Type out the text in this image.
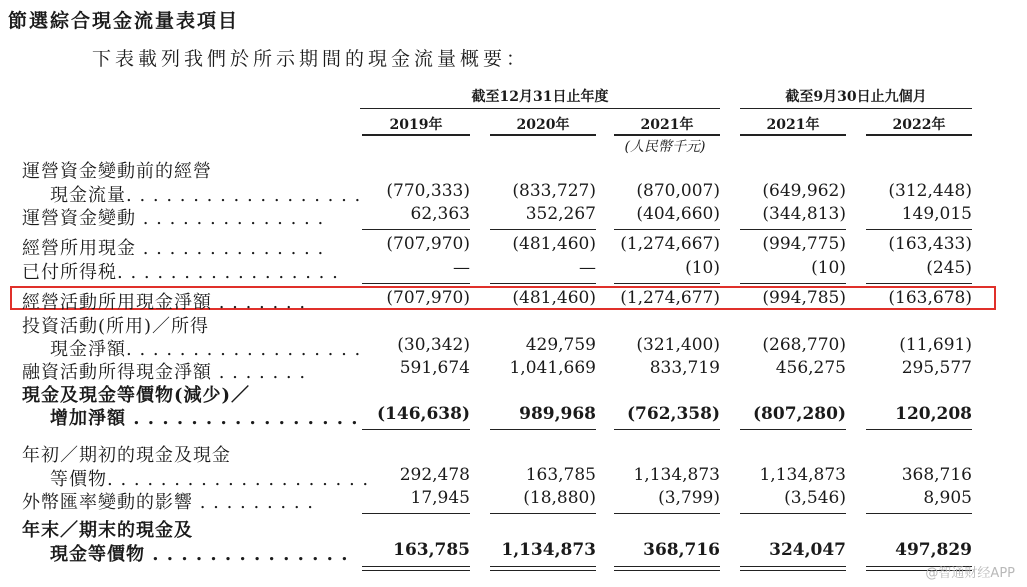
節選綜合現金流量表項目
下表載列我們於所示期間的現金流量概要：
截至12月31日止年度	截至9月30日止九個月
2019年	2020年	2021年	2021年	2022年
(人民幣千元)
運營資金變動前的經營
現金流量. . . . . . . . . . . . . . . . . .	(770,333)	(833,727)	(870,007)	(649,962)	(312,448)
運營資金變動 . . . . . . . . . . . . . .	62,363	352,267	(404,660)	(344,813)	149,015
經營所用現金 . . . . . . . . . . . . . .	(707,970)	(481,460)	(1,274,667)	(994,775)	(163,433)
已付所得税. . . . . . . . . . . . . . . . .	—	—	(10)	(10)	(245)
經營活動所用現金淨額 . . . . . . .	(707,970)	(481,460)	(1,274,677)	(994,785)	(163,678)
投資活動(所用)／所得
現金淨額. . . . . . . . . . . . . . . . . .	(30,342)	429,759	(321,400)	(268,770)	(11,691)
融資活動所得現金淨額 . . . . . . .	591,674	1,041,669	833,719	456,275	295,577
現金及現金等價物(減少)／
增加淨額 . . . . . . . . . . . . . . . .	(146,638)	989,968	(762,358)	(807,280)	120,208
年初／期初的現金及現金
等價物. . . . . . . . . . . . . . . . . . . .	292,478	163,785	1,134,873	1,134,873	368,716
外幣匯率變動的影響 . . . . . . . . .	17,945	(18,880)	(3,799)	(3,546)	8,905
年末／期末的現金及
現金等價物 . . . . . . . . . . . . . .	163,785	1,134,873	368,716	324,047	497,829
@智通财经APP
